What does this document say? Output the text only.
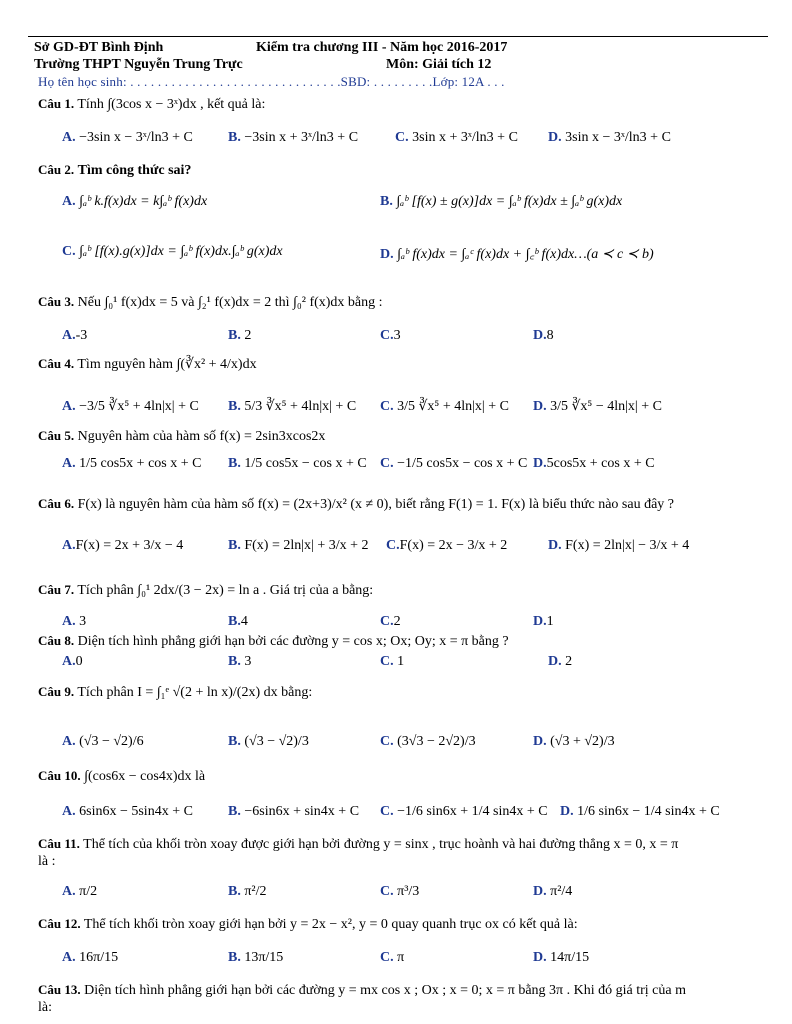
Sở GD-ĐT Bình Định	Kiểm tra chương III - Năm học 2016-2017
Trường THPT Nguyễn Trung Trực	Môn: Giải tích 12
Họ tên học sinh: . . . . . . . . . . . . . . . . . . . . . . . . . . . . . . .SBD: . . . . . . . . .Lớp: 12A . . .
Câu 1. Tính ∫(3cos x − 3ˣ)dx , kết quả là:
A. −3sin x − 3ˣ/ln3 + C	B. −3sin x + 3ˣ/ln3 + C	C. 3sin x + 3ˣ/ln3 + C D. 3sin x − 3ˣ/ln3 + C
Câu 2. Tìm công thức sai?
A. ∫ₐᵇ k.f(x)dx = k∫ₐᵇ f(x)dx	B. ∫ₐᵇ [f(x) ± g(x)]dx = ∫ₐᵇ f(x)dx ± ∫ₐᵇ g(x)dx
C. ∫ₐᵇ [f(x).g(x)]dx = ∫ₐᵇ f(x)dx.∫ₐᵇ g(x)dx	D. ∫ₐᵇ f(x)dx = ∫ₐᶜ f(x)dx + ∫꜀ᵇ f(x)dx…(a ≺ c ≺ b)
Câu 3. Nếu ∫₀¹ f(x)dx = 5 và ∫₂¹ f(x)dx = 2 thì ∫₀² f(x)dx bằng :
A.-3	B. 2	C.3	D.8
Câu 4. Tìm nguyên hàm ∫(∛x² + 4/x)dx
A. −3/5 ∛x⁵ + 4ln|x| + C B. 5/3 ∛x⁵ + 4ln|x| + C C. 3/5 ∛x⁵ + 4ln|x| + C D. 3/5 ∛x⁵ − 4ln|x| + C
Câu 5. Nguyên hàm của hàm số f(x) = 2sin3xcos2x
A. 1/5 cos5x + cos x + C B. 1/5 cos5x − cos x + C C. −1/5 cos5x − cos x + C D.5cos5x + cos x + C
Câu 6. F(x) là nguyên hàm của hàm số f(x) = (2x+3)/x² (x ≠ 0), biết rằng F(1) = 1. F(x) là biểu thức nào sau đây ?
A.F(x) = 2x + 3/x − 4	B. F(x) = 2ln|x| + 3/x + 2 C.F(x) = 2x − 3/x + 2	D. F(x) = 2ln|x| − 3/x + 4
Câu 7. Tích phân ∫₀¹ 2dx/(3 − 2x) = ln a . Giá trị của a bằng:
A. 3	B.4	C.2	D.1
Câu 8. Diện tích hình phẳng giới hạn bởi các đường y = cos x; Ox; Oy; x = π bằng ?
A.0	B. 3	C. 1	D. 2
Câu 9. Tích phân I = ∫₁ᵉ √(2 + ln x)/(2x) dx bằng:
A. (√3 − √2)/6	B. (√3 − √2)/3	C. (3√3 − 2√2)/3	D. (√3 + √2)/3
Câu 10. ∫(cos6x − cos4x)dx là
A. 6sin6x − 5sin4x + C	B. −6sin6x + sin4x + C C. −1/6 sin6x + 1/4 sin4x + C D. 1/6 sin6x − 1/4 sin4x + C
Câu 11. Thể tích của khối tròn xoay được giới hạn bởi đường y = sinx , trục hoành và hai đường thẳng x = 0, x = π
là :
A. π/2	B. π²/2	C. π³/3	D. π²/4
Câu 12. Thể tích khối tròn xoay giới hạn bởi y = 2x − x², y = 0 quay quanh trục ox có kết quả là:
A. 16π/15	B. 13π/15	C. π	D. 14π/15
Câu 13. Diện tích hình phẳng giới hạn bởi các đường y = mx cos x ; Ox ; x = 0; x = π bằng 3π . Khi đó giá trị của m
là:
